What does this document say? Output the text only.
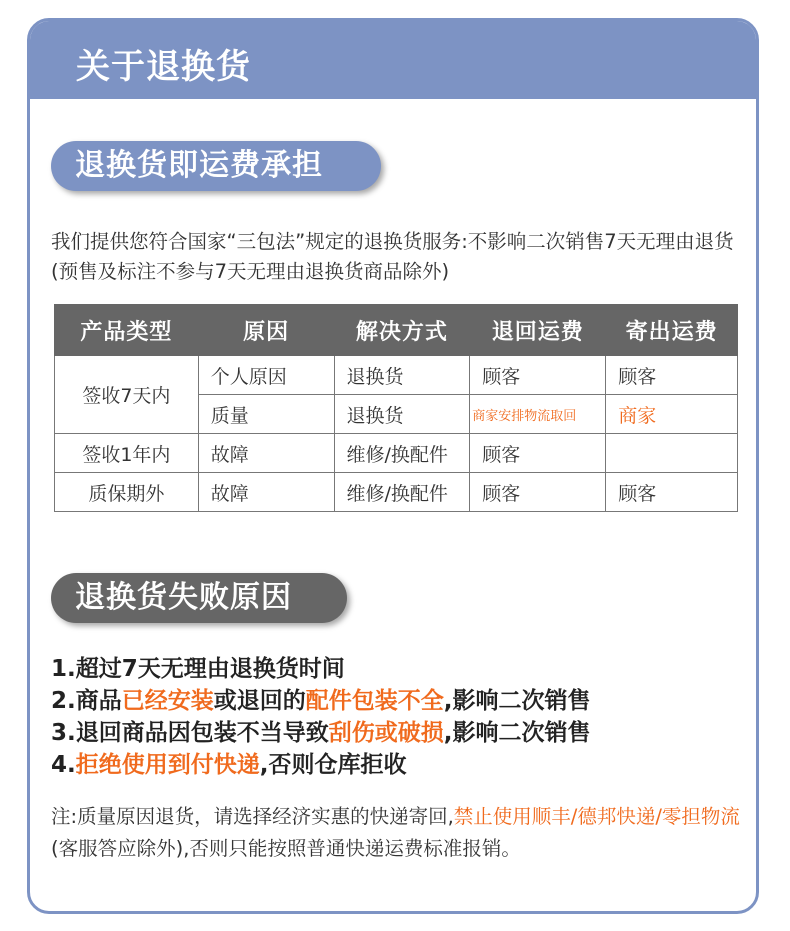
关于退换货
退换货即运费承担
我们提供您符合国家“三包法”规定的退换货服务:不影响二次销售7天无理由退货(预售及标注不参与7天无理由退换货商品除外)
产品类型	原因	解决方式	退回运费	寄出运费
签收7天内	个人原因	退换货	顾客	顾客
	质量	退换货	商家安排物流取回	商家
签收1年内	故障	维修/换配件	顾客	
质保期外	故障	维修/换配件	顾客	顾客
退换货失败原因
1.超过7天无理由退换货时间
2.商品已经安装或退回的配件包装不全,影响二次销售
3.退回商品因包装不当导致刮伤或破损,影响二次销售
4.拒绝使用到付快递,否则仓库拒收
注:质量原因退货，请选择经济实惠的快递寄回,禁止使用顺丰/德邦快递/零担物流(客服答应除外),否则只能按照普通快递运费标准报销。
